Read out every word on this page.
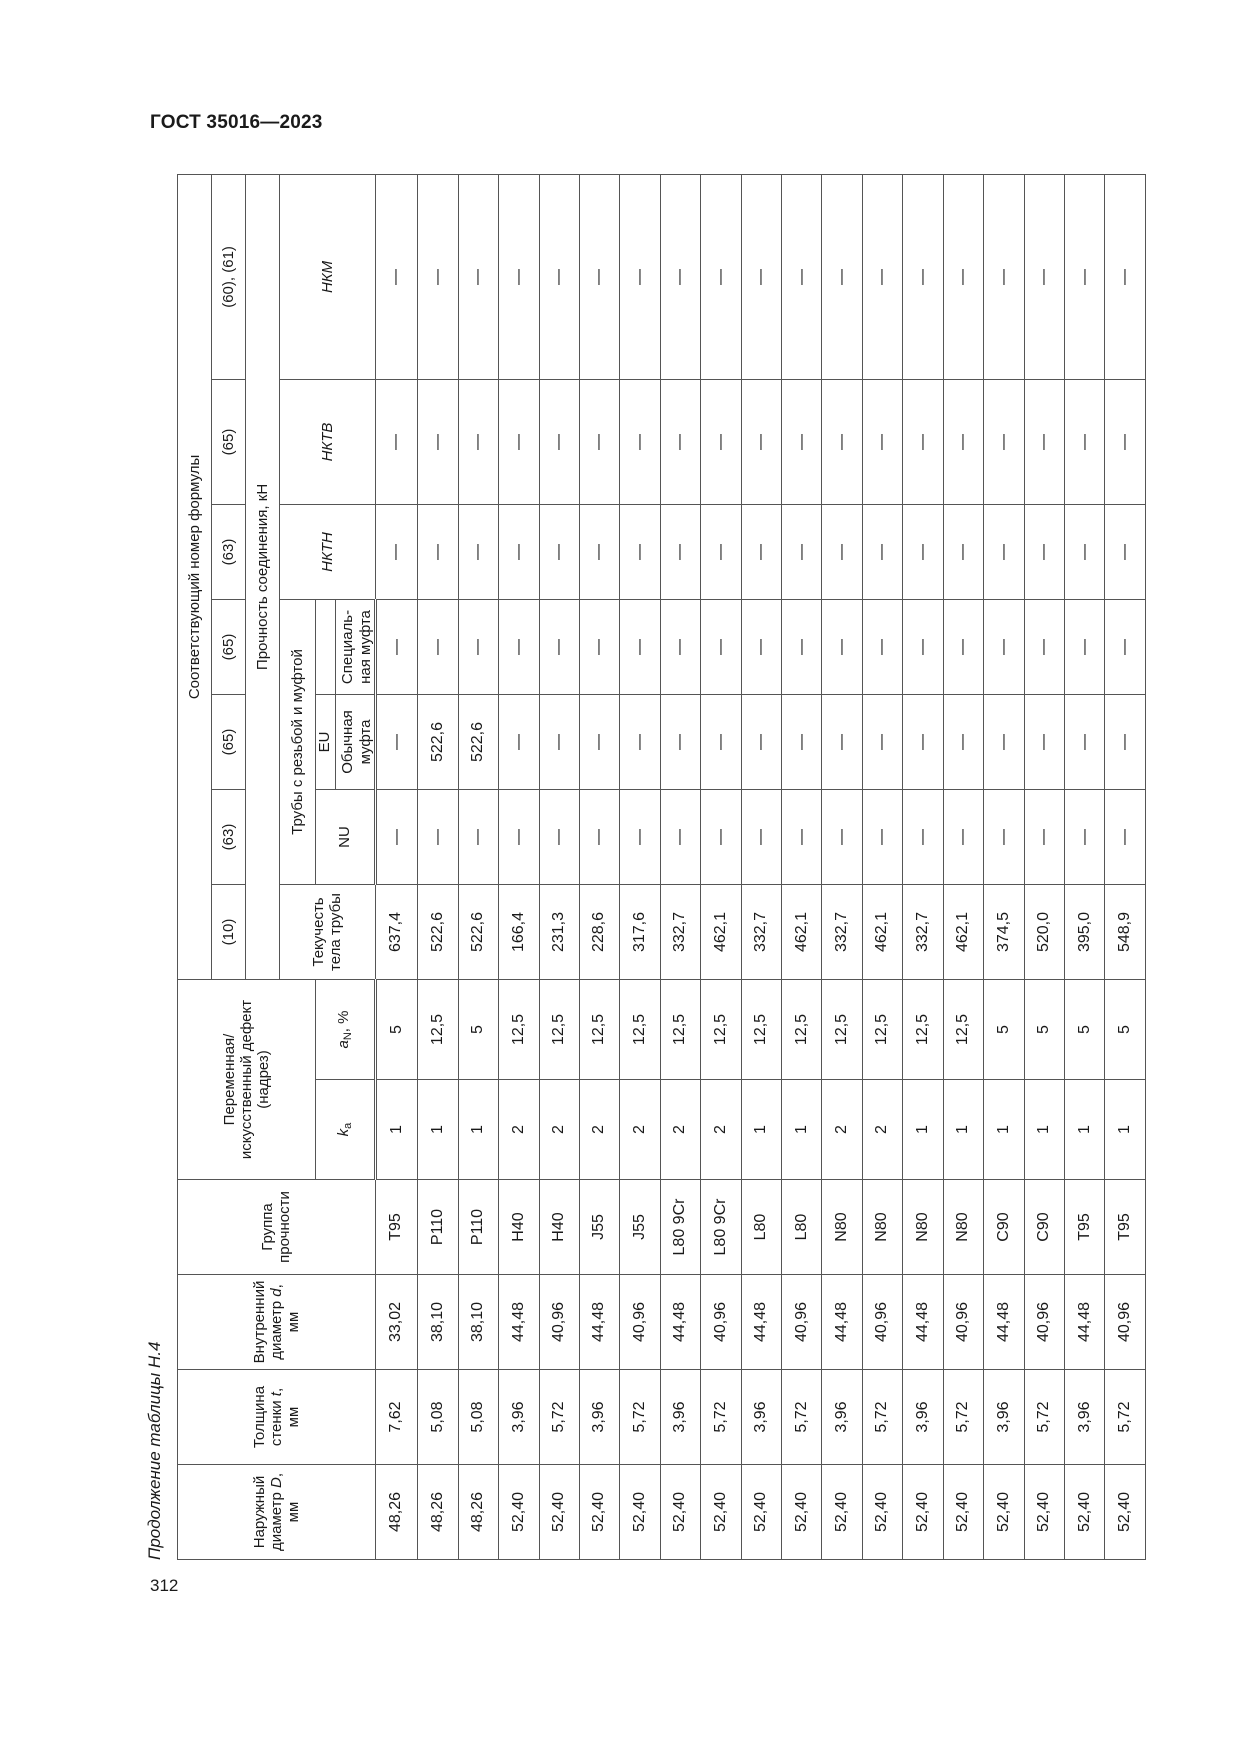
ГОСТ 35016—2023
312
Продолжение таблицы Н.4	Наружный
диаметр D,
мм	Толщина
стенки t,
мм	Внутренний
диаметр d,
мм	Группа прочности	Переменная/ искусственный дефект (надрез)		Соответствующий номер формулы						
						(10)	(63)	(65)	(65)	(63)	(65)	(60), (61)
						Прочность соединения, кН						
						Текучесть тела трубы	Трубы с резьбой и муфтой			НКТН	НКТВ	НКМ
				$k_a$	$a_N$, %		NU	EU Обычная муфта	Специаль-ная муфта			
48,26	7,62	33,02	T95	1	5	637,4	—	—	—	—	—	—
48,26	5,08	38,10	P110	1	12,5	522,6	—	522,6	—	—	—	—
48,26	5,08	38,10	P110	1	5	522,6	—	522,6	—	—	—	—
52,40	3,96	44,48	H40	2	12,5	166,4	—	—	—	—	—	—
52,40	5,72	40,96	H40	2	12,5	231,3	—	—	—	—	—	—
52,40	3,96	44,48	J55	2	12,5	228,6	—	—	—	—	—	—
52,40	5,72	40,96	J55	2	12,5	317,6	—	—	—	—	—	—
52,40	3,96	44,48	L80 9Cr	2	12,5	332,7	—	—	—	—	—	—
52,40	5,72	40,96	L80 9Cr	2	12,5	462,1	—	—	—	—	—	—
52,40	3,96	44,48	L80	1	12,5	332,7	—	—	—	—	—	—
52,40	5,72	40,96	L80	1	12,5	462,1	—	—	—	—	—	—
52,40	3,96	44,48	N80	2	12,5	332,7	—	—	—	—	—	—
52,40	5,72	40,96	N80	2	12,5	462,1	—	—	—	—	—	—
52,40	3,96	44,48	N80	1	12,5	332,7	—	—	—	—	—	—
52,40	5,72	40,96	N80	1	12,5	462,1	—	—	—	—	—	—
52,40	3,96	44,48	C90	1	5	374,5	—	—	—	—	—	—
52,40	5,72	40,96	C90	1	5	520,0	—	—	—	—	—	—
52,40	3,96	44,48	T95	1	5	395,0	—	—	—	—	—	—
52,40	5,72	40,96	T95	1	5	548,9	—	—	—	—	—	—
